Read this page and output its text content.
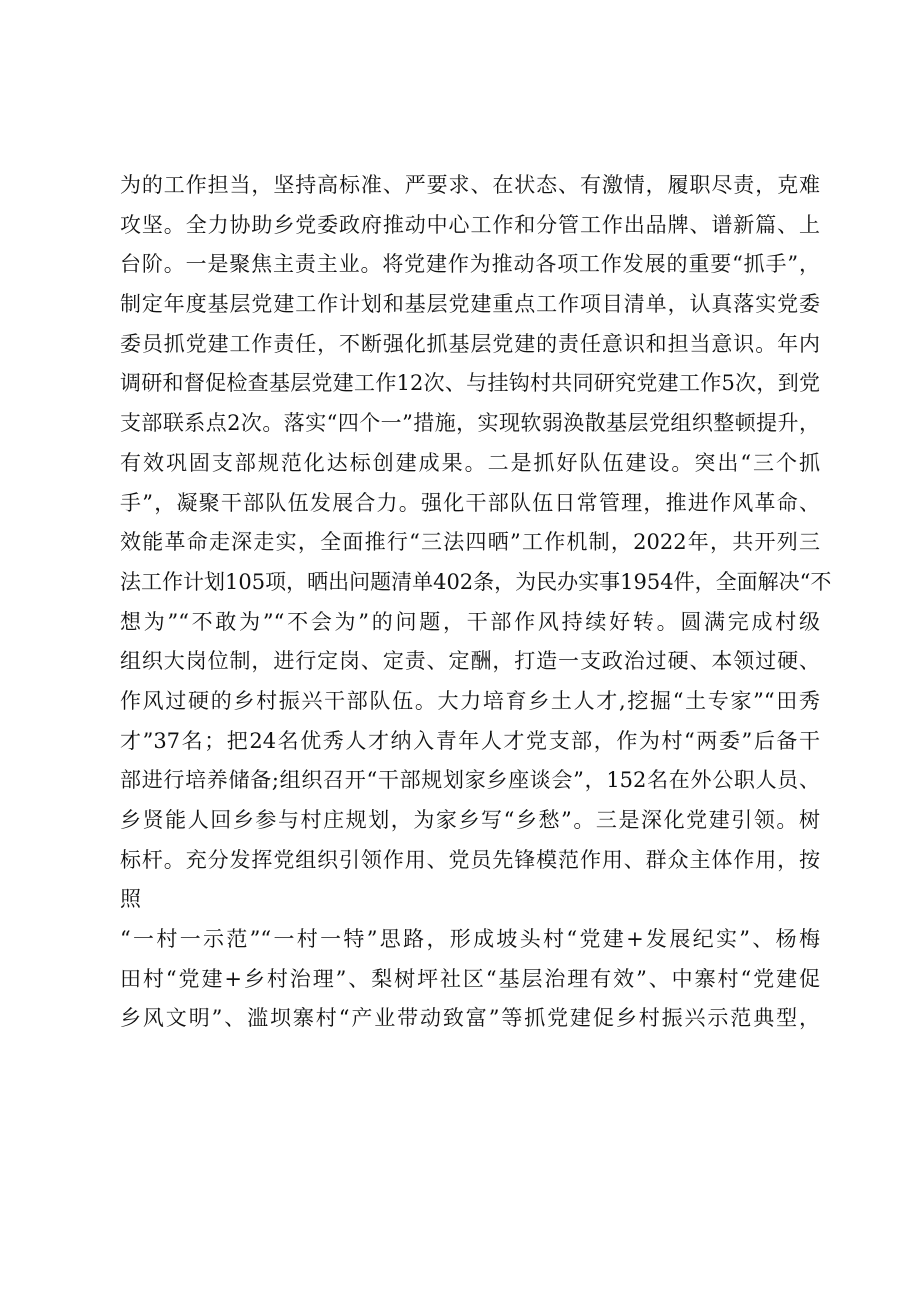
为的工作担当，坚持高标准、严要求、在状态、有激情，履职尽责，克难
攻坚。全力协助乡党委政府推动中心工作和分管工作出品牌、谱新篇、上
台阶。一是聚焦主责主业。将党建作为推动各项工作发展的重要“抓手”，
制定年度基层党建工作计划和基层党建重点工作项目清单，认真落实党委
委员抓党建工作责任，不断强化抓基层党建的责任意识和担当意识。年内
调研和督促检查基层党建工作12次、与挂钩村共同研究党建工作5次，到党
支部联系点2次。落实“四个一”措施，实现软弱涣散基层党组织整顿提升，
有效巩固支部规范化达标创建成果。二是抓好队伍建设。突出“三个抓
手”，凝聚干部队伍发展合力。强化干部队伍日常管理，推进作风革命、
效能革命走深走实，全面推行“三法四晒”工作机制，2022年，共开列三
法工作计划105项，晒出问题清单402条，为民办实事1954件，全面解决“不
想为”“不敢为”“不会为”的问题，干部作风持续好转。圆满完成村级
组织大岗位制，进行定岗、定责、定酬，打造一支政治过硬、本领过硬、
作风过硬的乡村振兴干部队伍。大力培育乡土人才,挖掘“土专家”“田秀
才”37名；把24名优秀人才纳入青年人才党支部，作为村“两委”后备干
部进行培养储备;组织召开“干部规划家乡座谈会”，152名在外公职人员、
乡贤能人回乡参与村庄规划，为家乡写“乡愁”。三是深化党建引领。树
标杆。充分发挥党组织引领作用、党员先锋模范作用、群众主体作用，按
照
“一村一示范”“一村一特”思路，形成坡头村“党建+发展纪实”、杨梅
田村“党建+乡村治理”、梨树坪社区“基层治理有效”、中寨村“党建促
乡风文明”、滥坝寨村“产业带动致富”等抓党建促乡村振兴示范典型，
